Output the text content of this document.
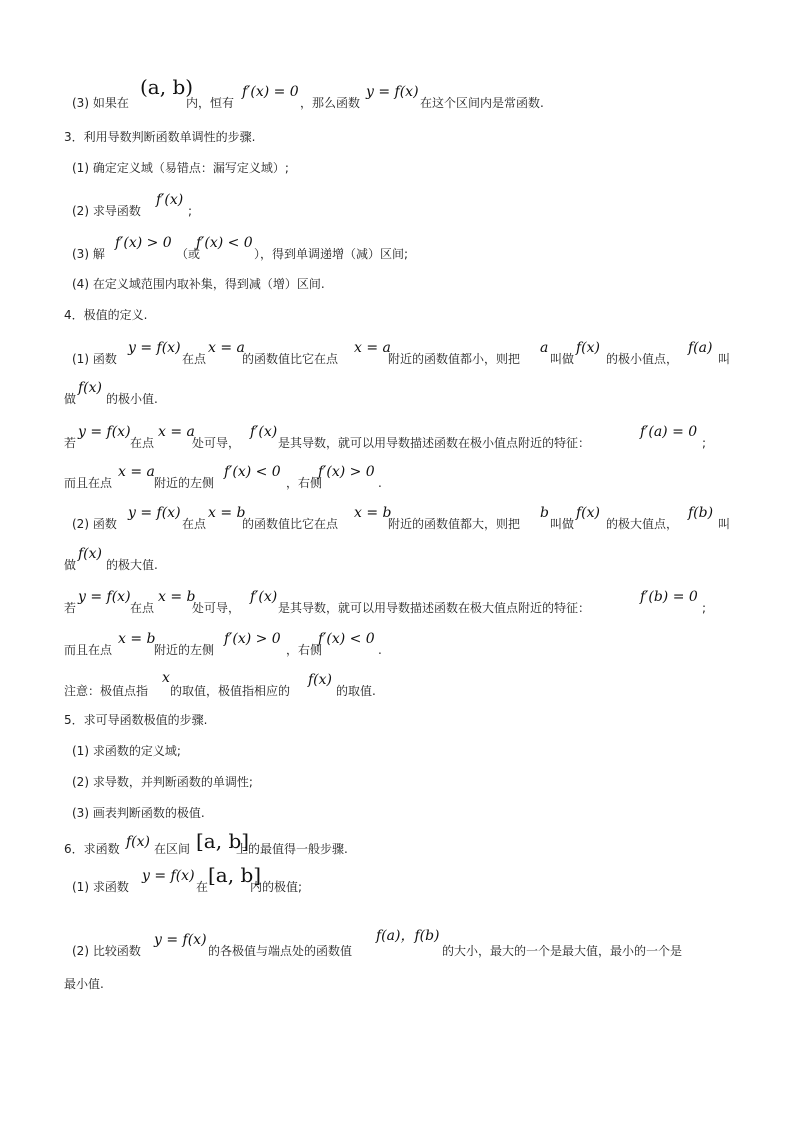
(3) 如果在
(a, b)
内，恒有
f′(x) = 0
，那么函数
y = f(x)
在这个区间内是常函数.
3．利用导数判断函数单调性的步骤.
(1) 确定定义域（易错点：漏写定义域）;
(2) 求导函数
f′(x)
;
(3) 解
f′(x) > 0
（或
f′(x) < 0
），得到单调递增（减）区间;
(4) 在定义域范围内取补集，得到减（增）区间.
4．极值的定义.
(1) 函数
y = f(x)
在点
x = a
的函数值比它在点
x = a
附近的函数值都小，则把
a
叫做
f(x)
的极小值点，
f(a)
叫
做
f(x)
的极小值.
若
y = f(x)
在点
x = a
处可导，
f′(x)
是其导数，就可以用导数描述函数在极小值点附近的特征：
f′(a) = 0
;
而且在点
x = a
附近的左侧
f′(x) < 0
，右侧
f′(x) > 0
.
(2) 函数
y = f(x)
在点
x = b
的函数值比它在点
x = b
附近的函数值都大，则把
b
叫做
f(x)
的极大值点，
f(b)
叫
做
f(x)
的极大值.
若
y = f(x)
在点
x = b
处可导，
f′(x)
是其导数，就可以用导数描述函数在极大值点附近的特征：
f′(b) = 0
;
而且在点
x = b
附近的左侧
f′(x) > 0
，右侧
f′(x) < 0
.
注意：极值点指
x
的取值，极值指相应的
f(x)
的取值.
5．求可导函数极值的步骤.
(1) 求函数的定义域;
(2) 求导数，并判断函数的单调性;
(3) 画表判断函数的极值.
6．求函数 f(x) 在区间 [a, b]
上的最值得一般步骤.
(1) 求函数
y = f(x)
在 [a, b]
内的极值;
(2) 比较函数
y = f(x)
的各极值与端点处的函数值
f(a)，f(b)
的大小，最大的一个是最大值，最小的一个是
最小值.
